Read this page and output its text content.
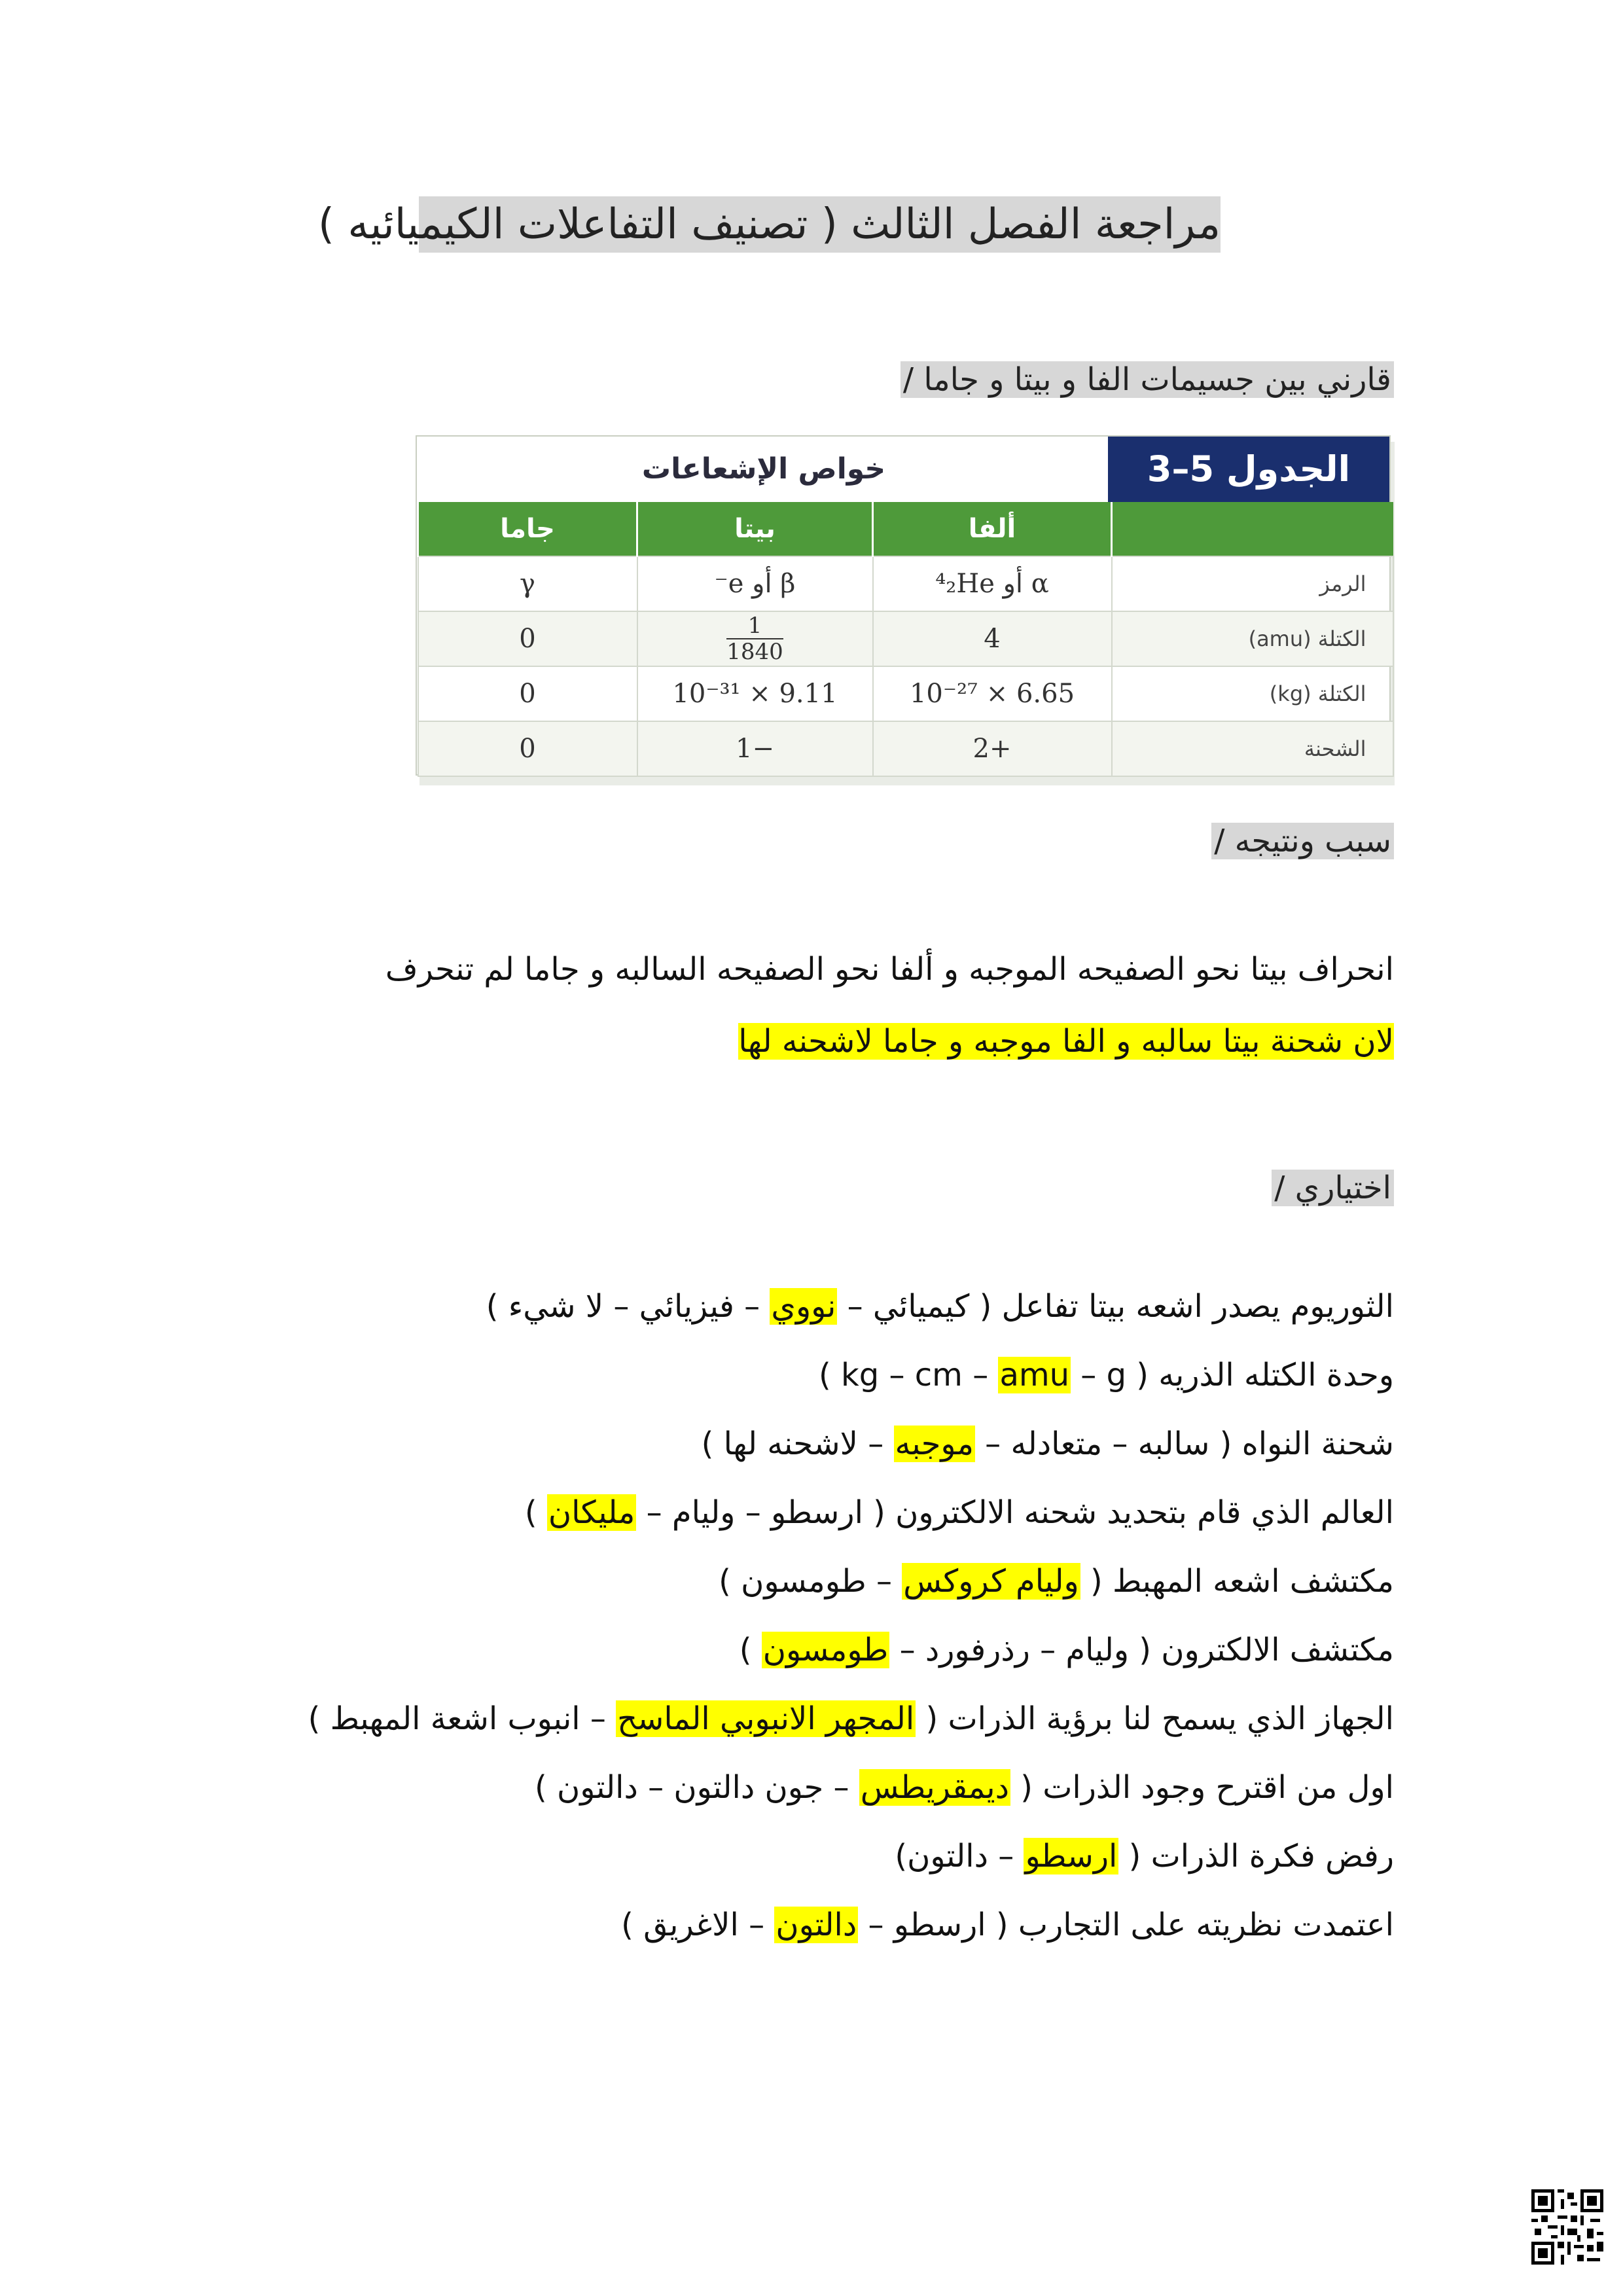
مراجعة الفصل الثالث ( تصنيف التفاعلات الكيميائيه )
قارني بين جسيمات الفا و بيتا و جاما /
خواص الإشعاعات	الجدول 5–3
	ألفا	بيتا	جاما
الرمز	α أو ⁴₂He	β أو e⁻	γ
الكتلة (amu)	4	$\frac{1}{1840}$	0
الكتلة (kg)	6.65 × 10⁻²⁷	9.11 × 10⁻³¹	0
الشحنة	+2	−1	0
سبب ونتيجه /
انحراف بيتا نحو الصفيحه الموجبه و ألفا نحو الصفيحه السالبه و جاما لم تنحرف
لان شحنة بيتا سالبه و الفا موجبه و جاما لاشحنه لها
اختياري /
الثوريوم يصدر اشعه بيتا تفاعل ( كيميائي – نووي – فيزيائي – لا شيء )
وحدة الكتله الذريه ( kg – cm – amu – g )
شحنة النواه ( سالبه – متعادله – موجبه – لاشحنه لها )
العالم الذي قام بتحديد شحنه الالكترون ( ارسطو – وليام – مليكان )
مكتشف اشعه المهبط ( وليام كروكس – طومسون )
مكتشف الالكترون ( وليام – رذرفورد – طومسون )
الجهاز الذي يسمح لنا برؤية الذرات ( المجهر الانبوبي الماسح – انبوب اشعة المهبط )
اول من اقترح وجود الذرات ( ديمقريطس – جون دالتون – دالتون )
رفض فكرة الذرات ( ارسطو – دالتون)
اعتمدت نظريته على التجارب ( ارسطو – دالتون – الاغريق )
